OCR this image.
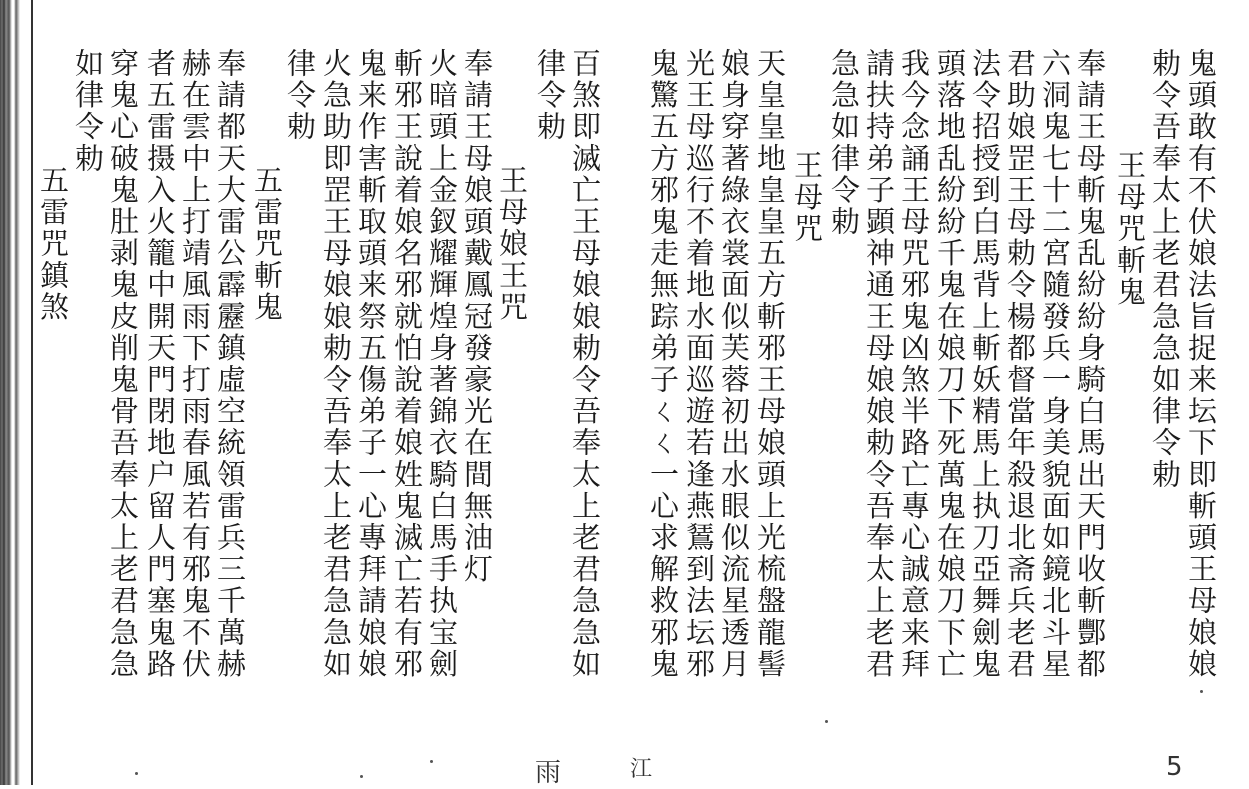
鬼頭敢有不伏娘法旨捉来坛下即斬頭王母娘娘
勅令吾奉太上老君急急如律令勅
王母咒斬鬼
奉請王母斬鬼乱紛紛身騎白馬出天門收斬酆都
六洞鬼七十二宮隨發兵一身美貌面如鏡北斗星
君助娘罡王母勅令楊都督當年殺退北斋兵老君
法令招授到白馬背上斬妖精馬上执刀亞舞劍鬼
頭落地乱紛紛千鬼在娘刀下死萬鬼在娘刀下亡
我今念誦王母咒邪鬼凶煞半路亡專心誠意来拜
請扶持弟子顕神通王母娘娘勅令吾奉太上老君
急急如律令勅
王母咒
天皇皇地皇皇五方斬邪王母娘頭上光梳盤龍髻
娘身穿著綠衣裳面似芙蓉初出水眼似流星透月
光王母巡行不着地水面巡遊若逢燕鵟到法坛邪
鬼驚五方邪鬼走無踪弟子ㄑㄑ一心求解救邪鬼
百煞即滅亡王母娘娘勅令吾奉太上老君急急如
律令勅
王母娘王咒
奉請王母娘頭戴鳳冠發豪光在間無油灯
火暗頭上金釵耀輝煌身著錦衣騎白馬手执宝劍
斬邪王說着娘名邪就怕說着娘姓鬼滅亡若有邪
鬼来作害斬取頭来祭五傷弟子一心專拜請娘娘
火急助即罡王母娘娘勅令吾奉太上老君急急如
律令勅
五雷咒斬鬼
奉請都天大雷公霹靂鎮虛空統領雷兵三千萬赫
赫在雲中上打靖風雨下打雨春風若有邪鬼不伏
者五雷摄入火籠中開天門閉地户留人門塞鬼路
穿鬼心破鬼肚剥鬼皮削鬼骨吾奉太上老君急急
如律令勅
五雷咒鎮煞
雨	江	5
